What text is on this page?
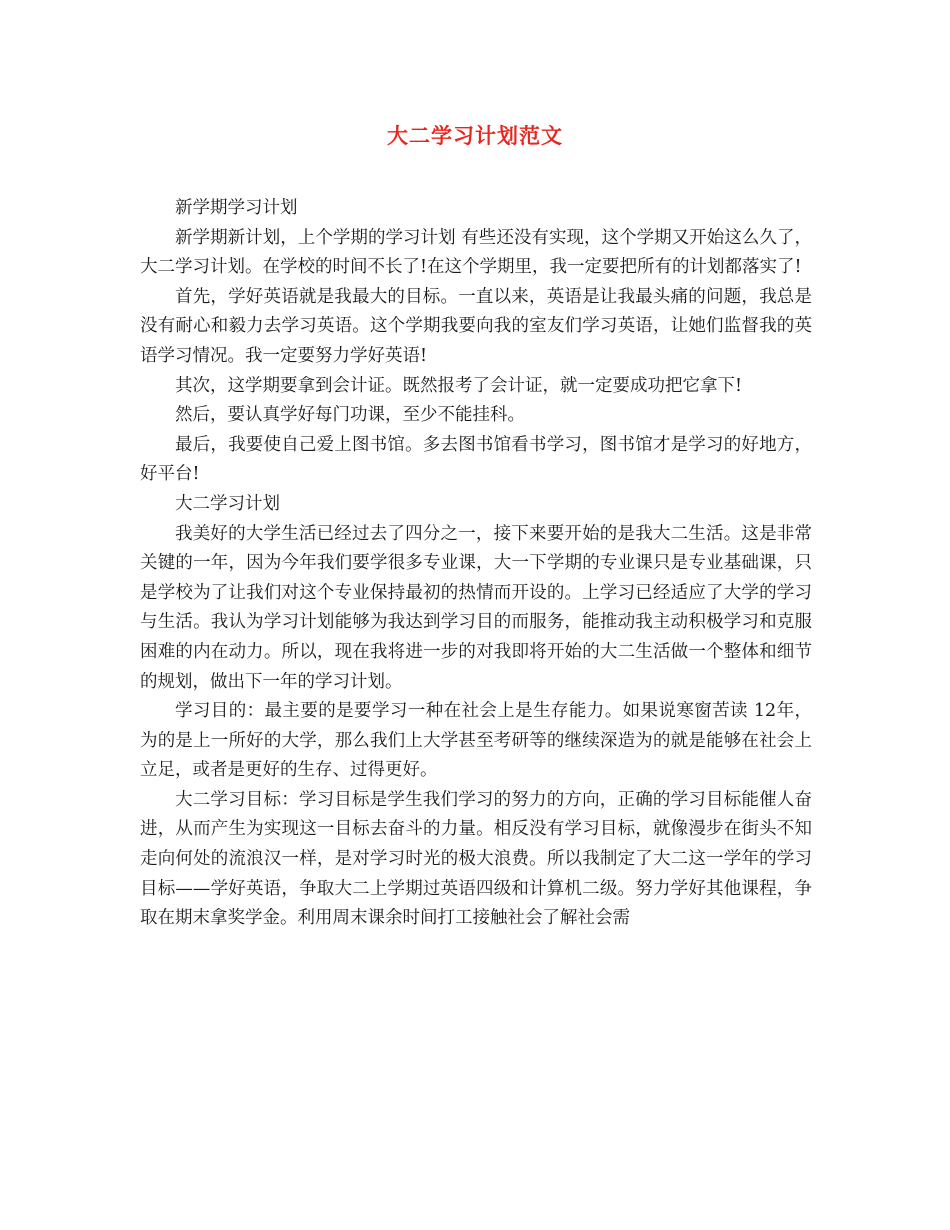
大二学习计划范文

新学期学习计划

新学期新计划，上个学期的学习计划 有些还没有实现，这个学期又开始这么久了，大二学习计划。在学校的时间不长了!在这个学期里，我一定要把所有的计划都落实了!

首先，学好英语就是我最大的目标。一直以来，英语是让我最头痛的问题，我总是没有耐心和毅力去学习英语。这个学期我要向我的室友们学习英语，让她们监督我的英语学习情况。我一定要努力学好英语!

其次，这学期要拿到会计证。既然报考了会计证，就一定要成功把它拿下!

然后，要认真学好每门功课，至少不能挂科。

最后，我要使自己爱上图书馆。多去图书馆看书学习，图书馆才是学习的好地方，好平台!

大二学习计划

我美好的大学生活已经过去了四分之一，接下来要开始的是我大二生活。这是非常关键的一年，因为今年我们要学很多专业课，大一下学期的专业课只是专业基础课，只是学校为了让我们对这个专业保持最初的热情而开设的。上学习已经适应了大学的学习与生活。我认为学习计划能够为我达到学习目的而服务，能推动我主动积极学习和克服困难的内在动力。所以，现在我将进一步的对我即将开始的大二生活做一个整体和细节的规划，做出下一年的学习计划。

学习目的：最主要的是要学习一种在社会上是生存能力。如果说寒窗苦读 12年，为的是上一所好的大学，那么我们上大学甚至考研等的继续深造为的就是能够在社会上立足，或者是更好的生存、过得更好。

大二学习目标：学习目标是学生我们学习的努力的方向，正确的学习目标能催人奋进，从而产生为实现这一目标去奋斗的力量。相反没有学习目标，就像漫步在街头不知走向何处的流浪汉一样，是对学习时光的极大浪费。所以我制定了大二这一学年的学习目标——学好英语，争取大二上学期过英语四级和计算机二级。努力学好其他课程，争取在期末拿奖学金。利用周末课余时间打工接触社会了解社会需
